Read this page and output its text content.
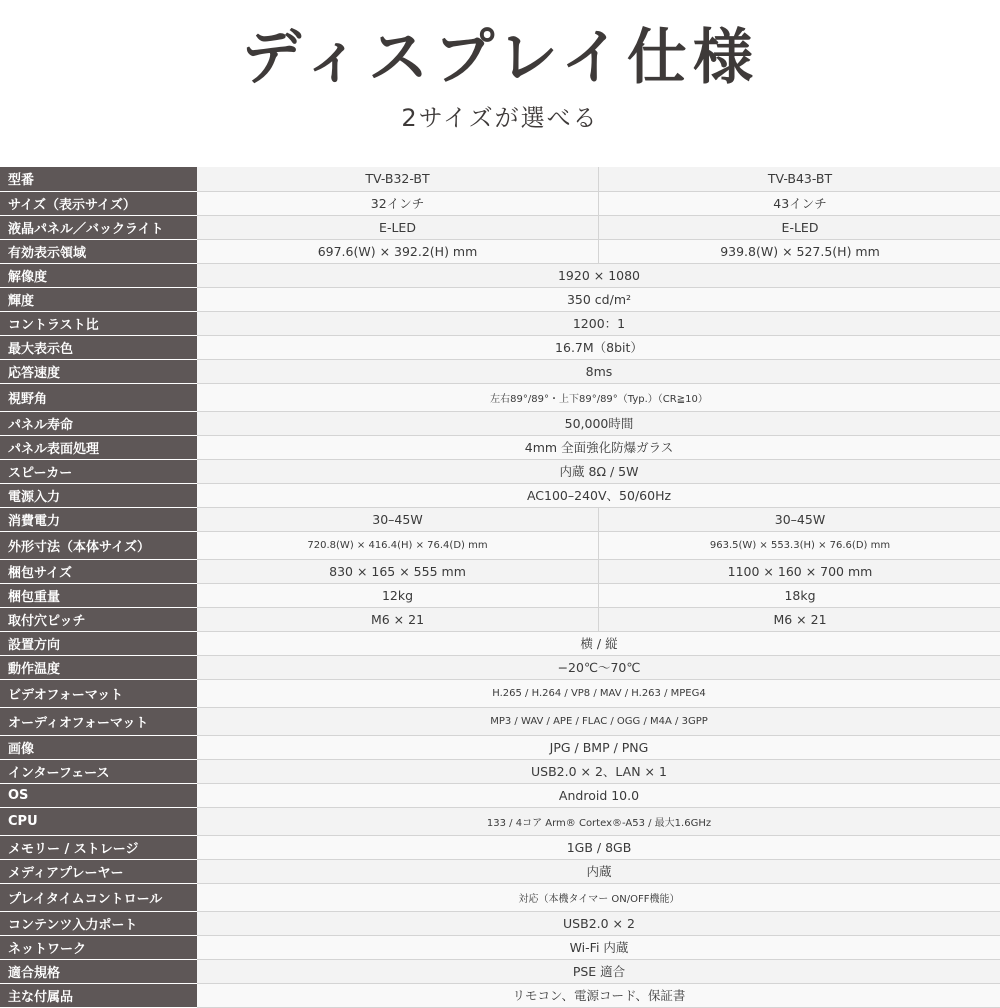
ディスプレイ仕様
2サイズが選べる
型番	TV-B32-BT	TV-B43-BT
サイズ（表示サイズ）	32インチ	43インチ
液晶パネル／バックライト	E-LED	E-LED
有効表示領域	697.6(W) × 392.2(H) mm	939.8(W) × 527.5(H) mm
解像度	1920 × 1080	
輝度	350 cd/m²	
コントラスト比	1200：1	
最大表示色	16.7M（8bit）	
応答速度	8ms	
視野角	左右89°/89°・上下89°/89°（Typ.）（CR≧10）	
パネル寿命	50,000時間	
パネル表面処理	4mm 全面強化防爆ガラス	
スピーカー	内蔵 8Ω / 5W	
電源入力	AC100–240V、50/60Hz	
消費電力	30–45W	30–45W
外形寸法（本体サイズ）	720.8(W) × 416.4(H) × 76.4(D) mm	963.5(W) × 553.3(H) × 76.6(D) mm
梱包サイズ	830 × 165 × 555 mm	1100 × 160 × 700 mm
梱包重量	12kg	18kg
取付穴ピッチ	M6 × 21	M6 × 21
設置方向	横 / 縦	
動作温度	−20℃〜70℃	
ビデオフォーマット	H.265 / H.264 / VP8 / MAV / H.263 / MPEG4	
オーディオフォーマット	MP3 / WAV / APE / FLAC / OGG / M4A / 3GPP	
画像	JPG / BMP / PNG	
インターフェース	USB2.0 × 2、LAN × 1	
OS	Android 10.0	
CPU	133 / 4コア Arm® Cortex®-A53 / 最大1.6GHz	
メモリー / ストレージ	1GB / 8GB	
メディアプレーヤー	内蔵	
プレイタイムコントロール	対応（本機タイマー ON/OFF機能）	
コンテンツ入力ポート	USB2.0 × 2	
ネットワーク	Wi-Fi 内蔵	
適合規格	PSE 適合	
主な付属品	リモコン、電源コード、保証書	
